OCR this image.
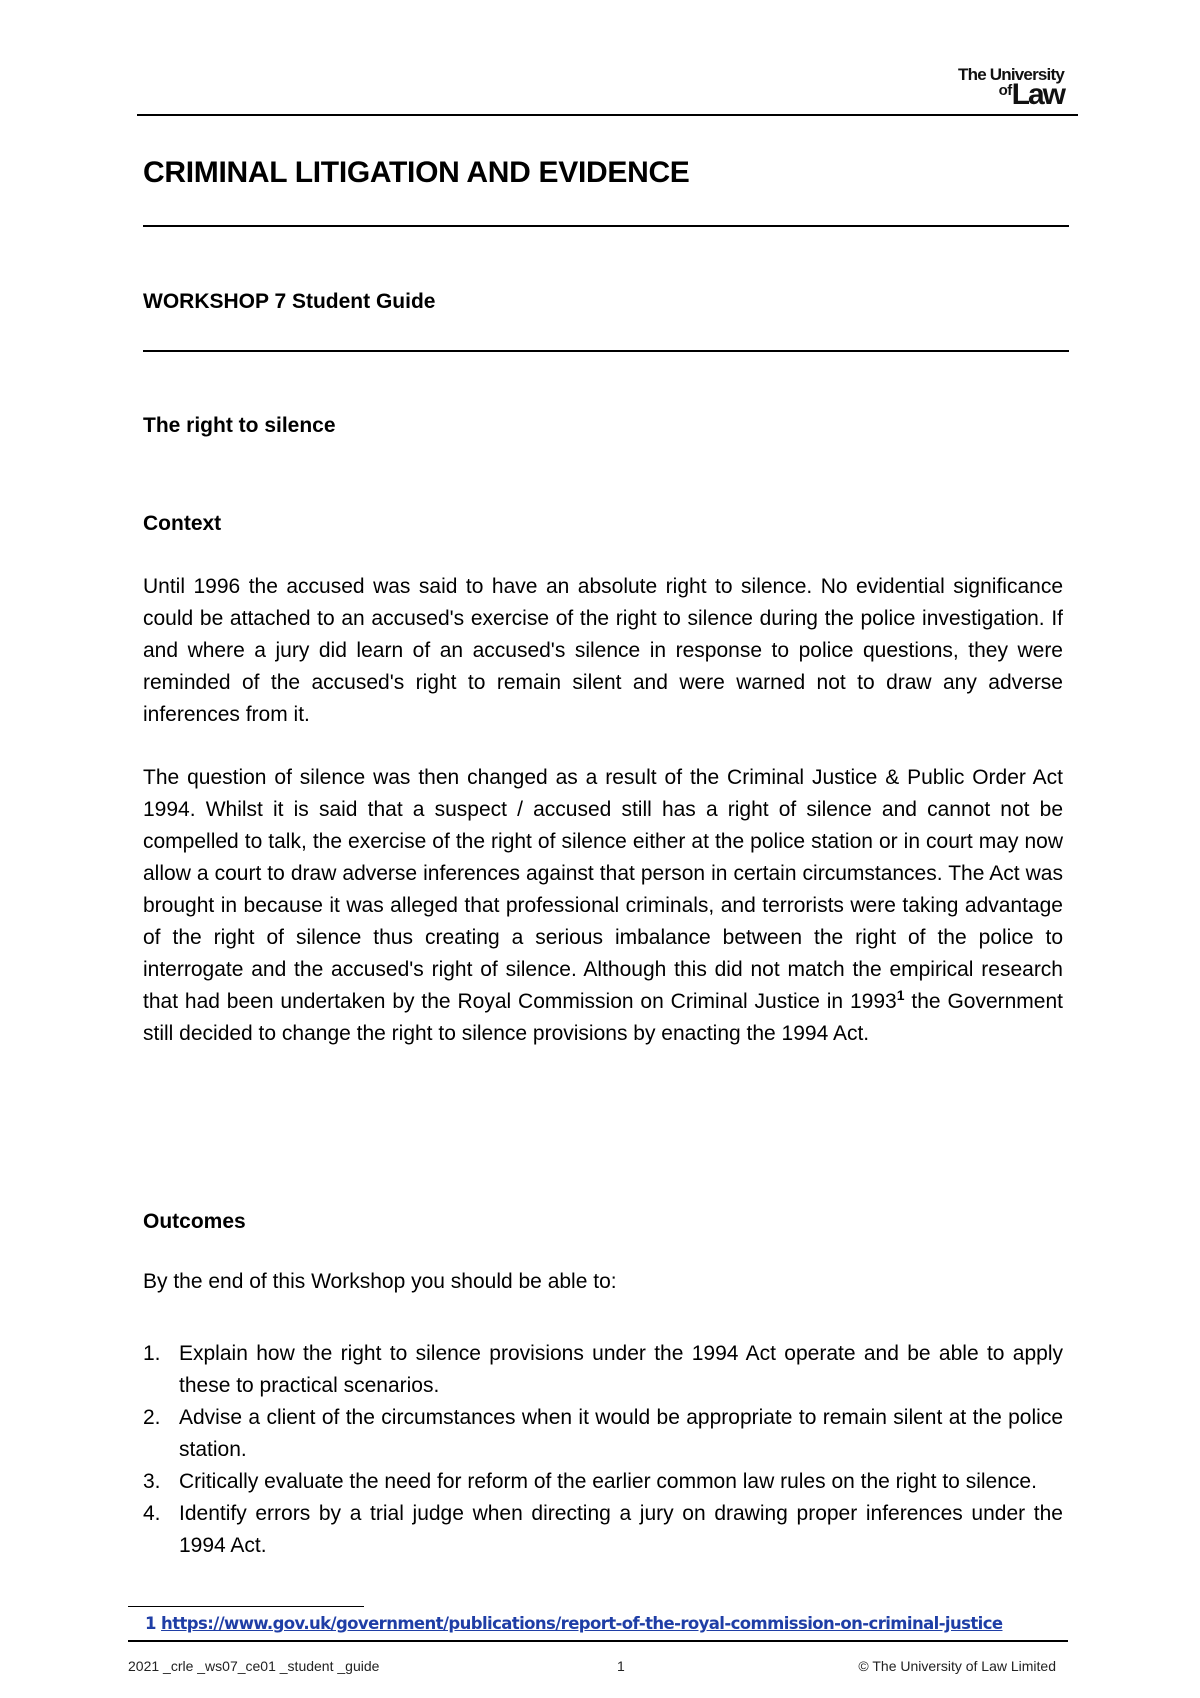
The University
ofLaw
CRIMINAL LITIGATION AND EVIDENCE
WORKSHOP 7 Student Guide
The right to silence
Context

Until 1996 the accused was said to have an absolute right to silence. No evidential significance could be attached to an accused's exercise of the right to silence during the police investigation. If and where a jury did learn of an accused's silence in response to police questions, they were reminded of the accused's right to remain silent and were warned not to draw any adverse inferences from it.

The question of silence was then changed as a result of the Criminal Justice & Public Order Act 1994. Whilst it is said that a suspect / accused still has a right of silence and cannot not be compelled to talk, the exercise of the right of silence either at the police station or in court may now allow a court to draw adverse inferences against that person in certain circumstances. The Act was brought in because it was alleged that professional criminals, and terrorists were taking advantage of the right of silence thus creating a serious imbalance between the right of the police to interrogate and the accused's right of silence. Although this did not match the empirical research that had been undertaken by the Royal Commission on Criminal Justice in 1993$^1$ the Government still decided to change the right to silence provisions by enacting the 1994 Act.

Outcomes

By the end of this Workshop you should be able to:

1. Explain how the right to silence provisions under the 1994 Act operate and be able to apply these to practical scenarios.
2. Advise a client of the circumstances when it would be appropriate to remain silent at the police station.
3. Critically evaluate the need for reform of the earlier common law rules on the right to silence.
4. Identify errors by a trial judge when directing a jury on drawing proper inferences under the 1994 Act.
1 https://www.gov.uk/government/publications/report-of-the-royal-commission-on-criminal-justice

2021 _crle _ws07_ce01 _student _guide	1	© The University of Law Limited
